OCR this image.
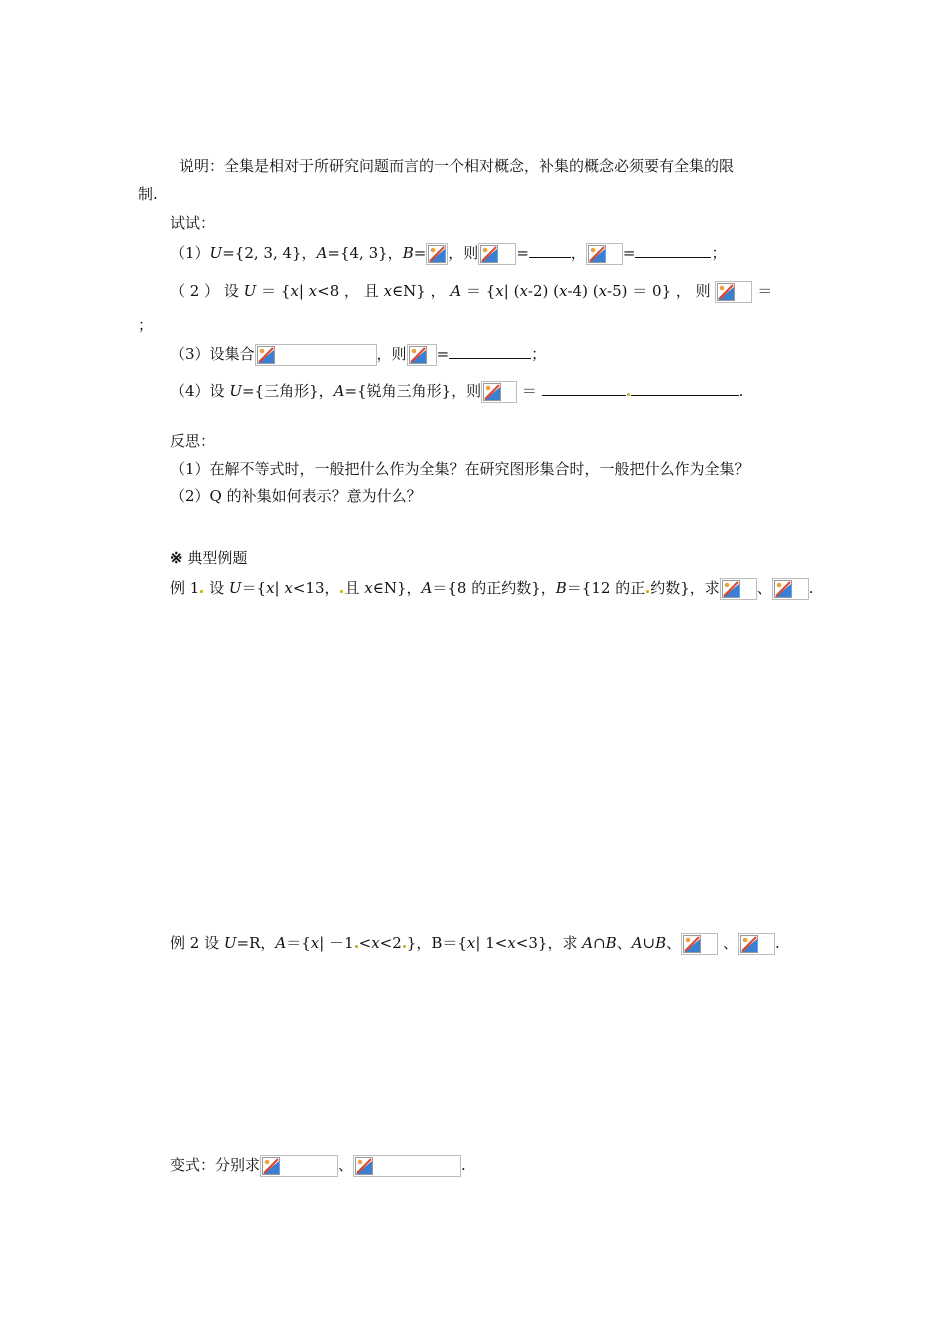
说明：全集是相对于所研究问题而言的一个相对概念，补集的概念必须要有全集的限
制.
试试：
（1）U={2, 3, 4}，A={4, 3}，B= ，则	=	， =	；
（ 2 ） 设 U ＝ {x| x<8 ， 且 x∈N} ， A ＝ {x| (x-2) (x-4) (x-5) ＝ 0} ， 则
＝
；
（3）设集合	，则 =	；
（4）设 U={三角形}，A={锐角三角形}，则
＝	.
反思：
（1）在解不等式时，一般把什么作为全集？在研究图形集合时，一般把什么作为全集？
（2）Q 的补集如何表示？意为什么？
※ 典型例题
例 1 设 U＝{x| x<13， 且 x∈N}，A＝{8 的正约数}，B＝{12 的正 约数}，求 、 .
例 2 设 U=R，A＝{x| －1 <x<2 }，B＝{x| 1<x<3}，求 A∩B、A∪B、
、 .
变式：分别求	、	.
